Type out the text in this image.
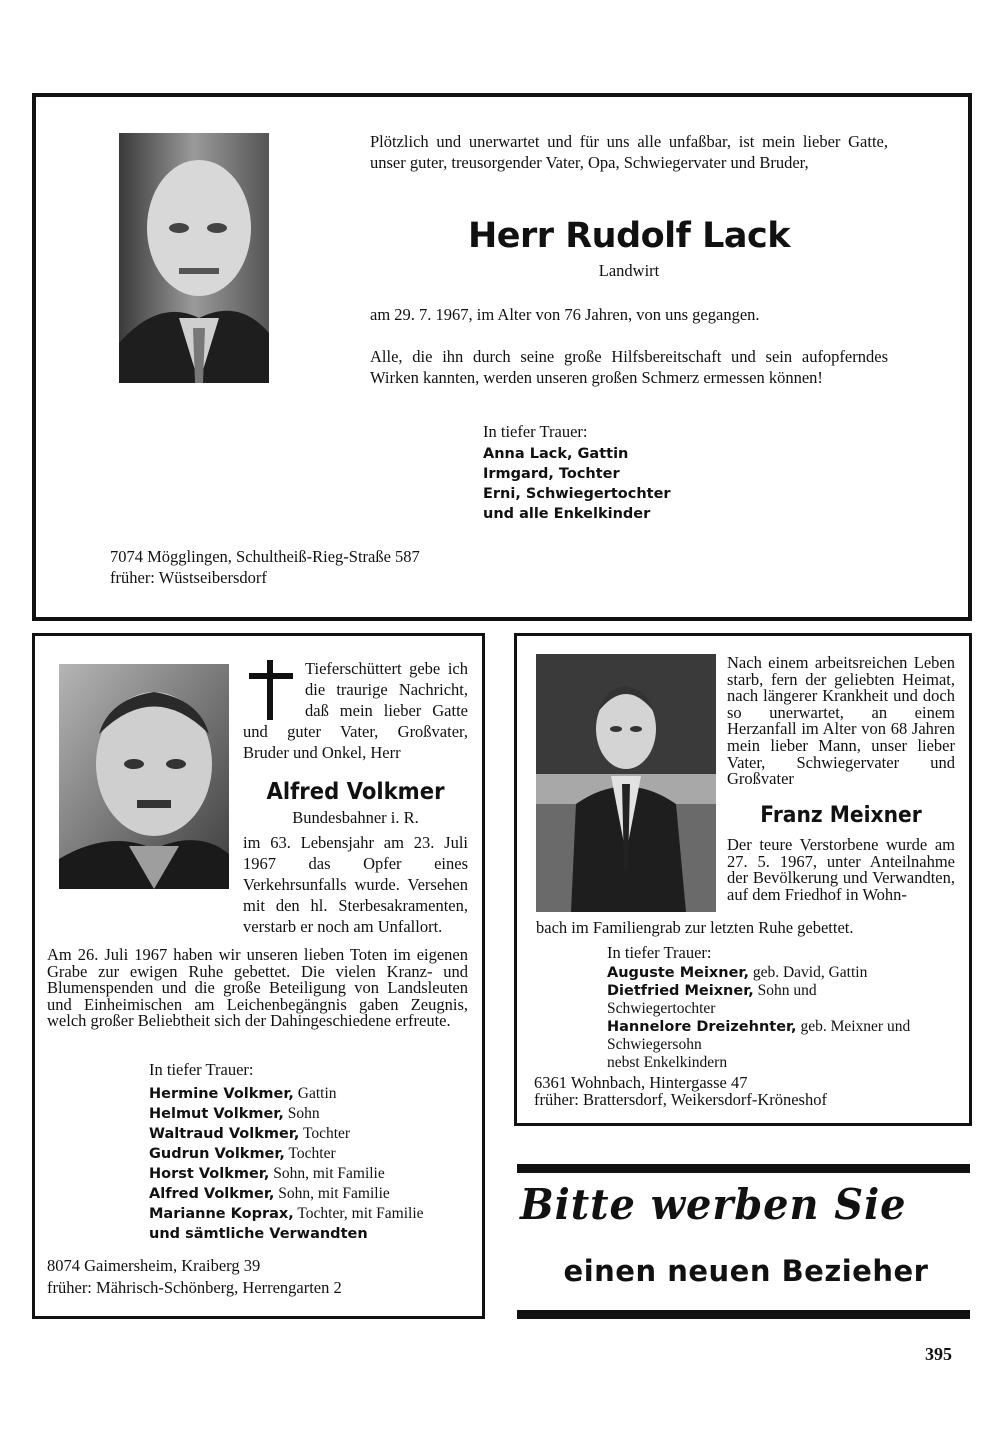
Plötzlich und unerwartet und für uns alle unfaßbar, ist mein lieber Gatte, unser guter, treusorgender Vater, Opa, Schwiegervater und Bruder,

Herr Rudolf Lack
Landwirt

am 29. 7. 1967, im Alter von 76 Jahren, von uns gegangen.

Alle, die ihn durch seine große Hilfsbereitschaft und sein aufopferndes Wirken kannten, werden unseren großen Schmerz ermessen können!

In tiefer Trauer:
Anna Lack, Gattin
Irmgard, Tochter
Erni, Schwiegertochter
und alle Enkelkinder
7074 Mögglingen, Schultheiß-Rieg-Straße 587
früher: Wüstseibersdorf

Tieferschüttert gebe ich die traurige Nachricht, daß mein lieber Gatte und guter Vater, Großvater, Bruder und Onkel, Herr

Alfred Volkmer
Bundesbahner i. R.

im 63. Lebensjahr am 23. Juli 1967 das Opfer eines Verkehrsunfalls wurde. Versehen mit den hl. Sterbesakramenten, verstarb er noch am Unfallort.

Am 26. Juli 1967 haben wir unseren lieben Toten im eigenen Grabe zur ewigen Ruhe gebettet. Die vielen Kranz- und Blumenspenden und die große Beteiligung von Landsleuten und Einheimischen am Leichenbegängnis gaben Zeugnis, welch großer Beliebtheit sich der Dahingeschiedene erfreute.

In tiefer Trauer:
Hermine Volkmer, Gattin
Helmut Volkmer, Sohn
Waltraud Volkmer, Tochter
Gudrun Volkmer, Tochter
Horst Volkmer, Sohn, mit Familie
Alfred Volkmer, Sohn, mit Familie
Marianne Koprax, Tochter, mit Familie
und sämtliche Verwandten
8074 Gaimersheim, Kraiberg 39
früher: Mährisch-Schönberg, Herrengarten 2

Nach einem arbeitsreichen Leben starb, fern der geliebten Heimat, nach längerer Krankheit und doch so unerwartet, an einem Herzanfall im Alter von 68 Jahren mein lieber Mann, unser lieber Vater, Schwiegervater und Großvater

Franz Meixner

Der teure Verstorbene wurde am 27. 5. 1967, unter Anteilnahme der Bevölkerung und Verwandten, auf dem Friedhof in Wohn-

bach im Familiengrab zur letzten Ruhe gebettet.

In tiefer Trauer:
Auguste Meixner, geb. David, Gattin
Dietfried Meixner, Sohn und
Schwiegertochter
Hannelore Dreizehnter, geb. Meixner und
Schwiegersohn
nebst Enkelkindern
6361 Wohnbach, Hintergasse 47
früher: Brattersdorf, Weikersdorf-Kröneshof
Bitte werben Sie
einen neuen Bezieher
395
